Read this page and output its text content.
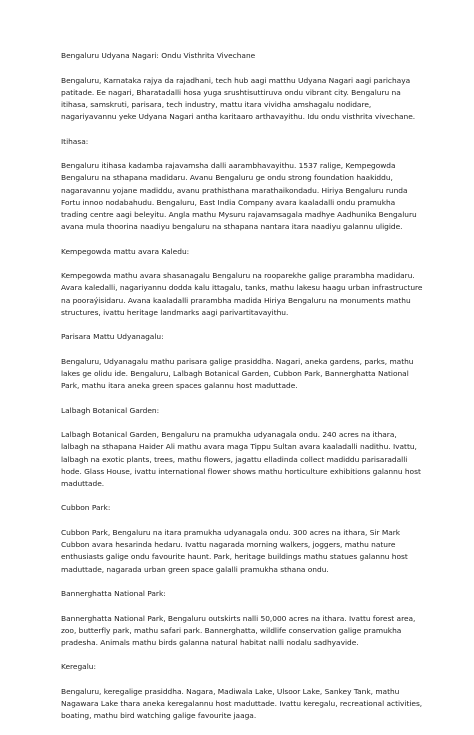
Bengaluru Udyana Nagari: Ondu Visthrita Vivechane

Bengaluru, Karnataka rajya da rajadhani, tech hub aagi matthu Udyana Nagari aagi parichaya patitade. Ee nagari, Bharatadalli hosa yuga srushtisuttiruva ondu vibrant city. Bengaluru na itihasa, samskruti, parisara, tech industry, mattu itara vividha amshagalu nodidare, nagariyavannu yeke Udyana Nagari antha karitaaro arthavayithu. Idu ondu visthrita vivechane.

Itihasa:

Bengaluru itihasa kadamba rajavamsha dalli aarambhavayithu. 1537 ralige, Kempegowda Bengaluru na sthapana madidaru. Avanu Bengaluru ge ondu strong foundation haakiddu, nagaravannu yojane madiddu, avanu prathisthana marathaikondadu. Hiriya Bengaluru runda Fortu innoo nodabahudu. Bengaluru, East India Company avara kaaladalli ondu pramukha trading centre aagi beleyitu. Angla mathu Mysuru rajavamsagala madhye Aadhunika Bengaluru avana mula thoorina naadiyu bengaluru na sthapana nantara itara naadiyu galannu uligide.

Kempegowda mattu avara Kaledu:

Kempegowda mathu avara shasanagalu Bengaluru na rooparekhe galige prarambha madidaru. Avara kaledalli, nagariyannu dodda kalu ittagalu, tanks, mathu lakesu haagu urban infrastructure na pooraýisidaru. Avana kaaladalli prarambha madida Hiriya Bengaluru na monuments mathu structures, ivattu heritage landmarks aagi parivartitavayithu.

Parisara Mattu Udyanagalu:

Bengaluru, Udyanagalu mathu parisara galige prasiddha. Nagari, aneka gardens, parks, mathu lakes ge olidu ide. Bengaluru, Lalbagh Botanical Garden, Cubbon Park, Bannerghatta National Park, mathu itara aneka green spaces galannu host maduttade.

Lalbagh Botanical Garden:

Lalbagh Botanical Garden, Bengaluru na pramukha udyanagala ondu. 240 acres na ithara, lalbagh na sthapana Haider Ali mathu avara maga Tippu Sultan avara kaaladalli nadithu. Ivattu, lalbagh na exotic plants, trees, mathu flowers, jagattu elladinda collect madiddu parisaradalli hode. Glass House, ivattu international flower shows mathu horticulture exhibitions galannu host maduttade.

Cubbon Park:

Cubbon Park, Bengaluru na itara pramukha udyanagala ondu. 300 acres na ithara, Sir Mark Cubbon avara hesarinda hedaru. Ivattu nagarada morning walkers, joggers, mathu nature enthusiasts galige ondu favourite haunt. Park, heritage buildings mathu statues galannu host maduttade, nagarada urban green space galalli pramukha sthana ondu.

Bannerghatta National Park:

Bannerghatta National Park, Bengaluru outskirts nalli 50,000 acres na ithara. Ivattu forest area, zoo, butterfly park, mathu safari park. Bannerghatta, wildlife conservation galige pramukha pradesha. Animals mathu birds galanna natural habitat nalli nodalu sadhyavide.

Keregalu:

Bengaluru, keregalige prasiddha. Nagara, Madiwala Lake, Ulsoor Lake, Sankey Tank, mathu Nagawara Lake thara aneka keregalannu host maduttade. Ivattu keregalu, recreational activities, boating, mathu bird watching galige favourite jaaga.
